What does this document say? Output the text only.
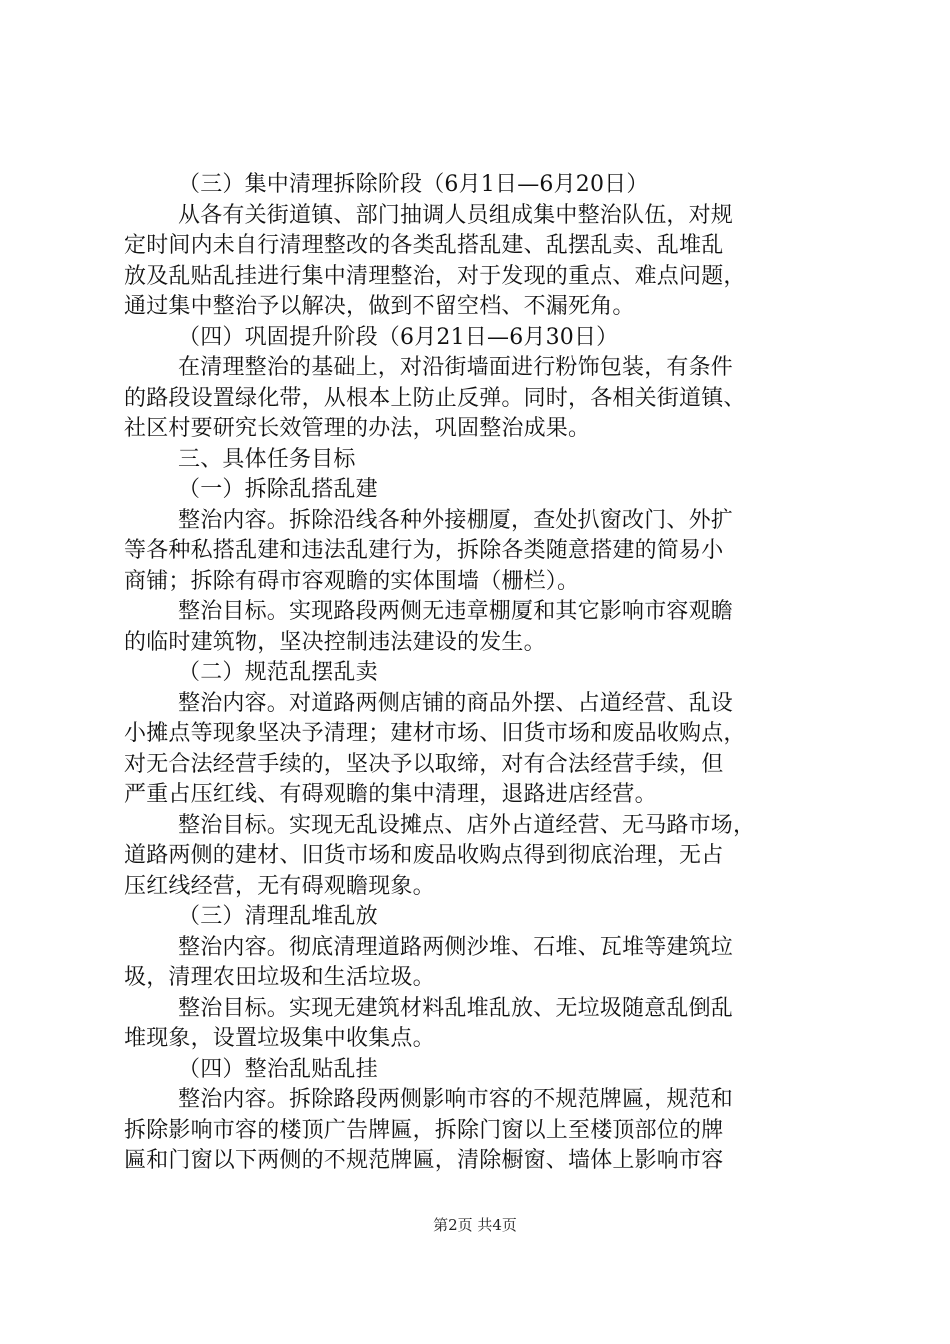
（三）集中清理拆除阶段（6月1日—6月20日）
从各有关街道镇、部门抽调人员组成集中整治队伍，对规
定时间内未自行清理整改的各类乱搭乱建、乱摆乱卖、乱堆乱
放及乱贴乱挂进行集中清理整治，对于发现的重点、难点问题，
通过集中整治予以解决，做到不留空档、不漏死角。
（四）巩固提升阶段（6月21日—6月30日）
在清理整治的基础上，对沿街墙面进行粉饰包装，有条件
的路段设置绿化带，从根本上防止反弹。同时，各相关街道镇、
社区村要研究长效管理的办法，巩固整治成果。
三、具体任务目标
（一）拆除乱搭乱建
整治内容。拆除沿线各种外接棚厦，查处扒窗改门、外扩
等各种私搭乱建和违法乱建行为，拆除各类随意搭建的简易小
商铺；拆除有碍市容观瞻的实体围墙（栅栏）。
整治目标。实现路段两侧无违章棚厦和其它影响市容观瞻
的临时建筑物，坚决控制违法建设的发生。
（二）规范乱摆乱卖
整治内容。对道路两侧店铺的商品外摆、占道经营、乱设
小摊点等现象坚决予清理；建材市场、旧货市场和废品收购点，
对无合法经营手续的，坚决予以取缔，对有合法经营手续，但
严重占压红线、有碍观瞻的集中清理，退路进店经营。
整治目标。实现无乱设摊点、店外占道经营、无马路市场，
道路两侧的建材、旧货市场和废品收购点得到彻底治理，无占
压红线经营，无有碍观瞻现象。
（三）清理乱堆乱放
整治内容。彻底清理道路两侧沙堆、石堆、瓦堆等建筑垃
圾，清理农田垃圾和生活垃圾。
整治目标。实现无建筑材料乱堆乱放、无垃圾随意乱倒乱
堆现象，设置垃圾集中收集点。
（四）整治乱贴乱挂
整治内容。拆除路段两侧影响市容的不规范牌匾，规范和
拆除影响市容的楼顶广告牌匾，拆除门窗以上至楼顶部位的牌
匾和门窗以下两侧的不规范牌匾，清除橱窗、墙体上影响市容
第2页 共4页
